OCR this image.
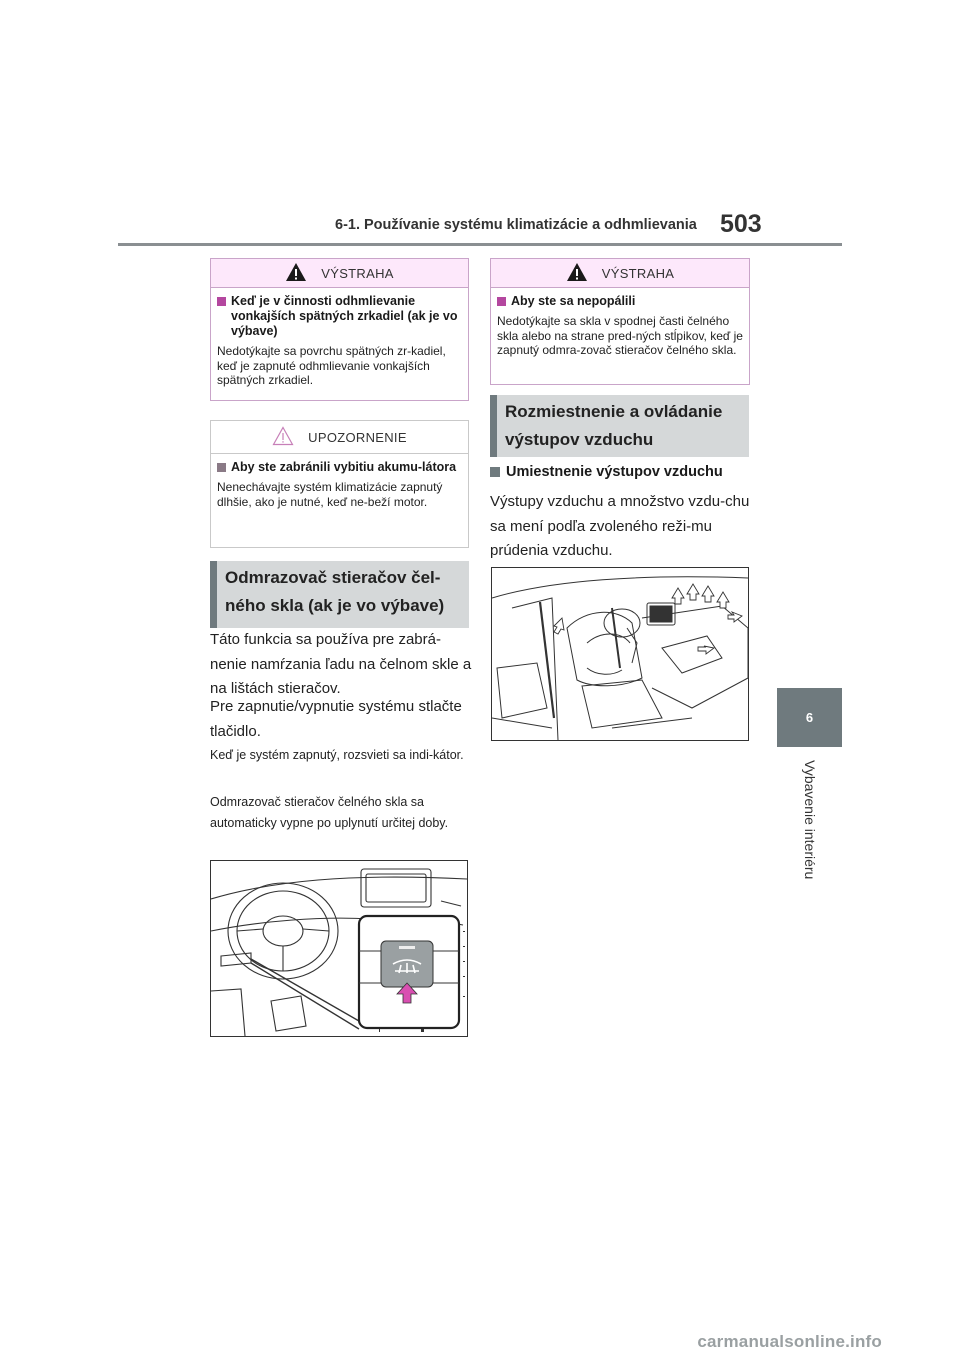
6-1. Používanie systému klimatizácie a odhmlievania 503
6
Vybavenie interiéru
VÝSTRAHA
Keď je v činnosti odhmlievanie vonkajších spätných zrkadiel (ak je vo výbave)
Nedotýkajte sa povrchu spätných zr-kadiel, keď je zapnuté odhmlievanie vonkajších spätných zrkadiel.
UPOZORNENIE
Aby ste zabránili vybitiu akumu-látora
Nenechávajte systém klimatizácie zapnutý dlhšie, ako je nutné, keď ne-beží motor.
Odmrazovač stieračov čel-ného skla (ak je vo výbave)
Táto funkcia sa používa pre zabrá-nenie namŕzania ľadu na čelnom skle a na lištách stieračov.
Pre zapnutie/vypnutie systému stlačte tlačidlo.
Keď je systém zapnutý, rozsvieti sa indi-kátor.
Odmrazovač stieračov čelného skla sa automaticky vypne po uplynutí určitej doby.
VÝSTRAHA
Aby ste sa nepopálili
Nedotýkajte sa skla v spodnej časti čelného skla alebo na strane pred-ných stĺpikov, keď je zapnutý odmra-zovač stieračov čelného skla.
Rozmiestnenie a ovládanie výstupov vzduchu
Umiestnenie výstupov vzduchu
Výstupy vzduchu a množstvo vzdu-chu sa mení podľa zvoleného reži-mu prúdenia vzduchu.
carmanualsonline.info
